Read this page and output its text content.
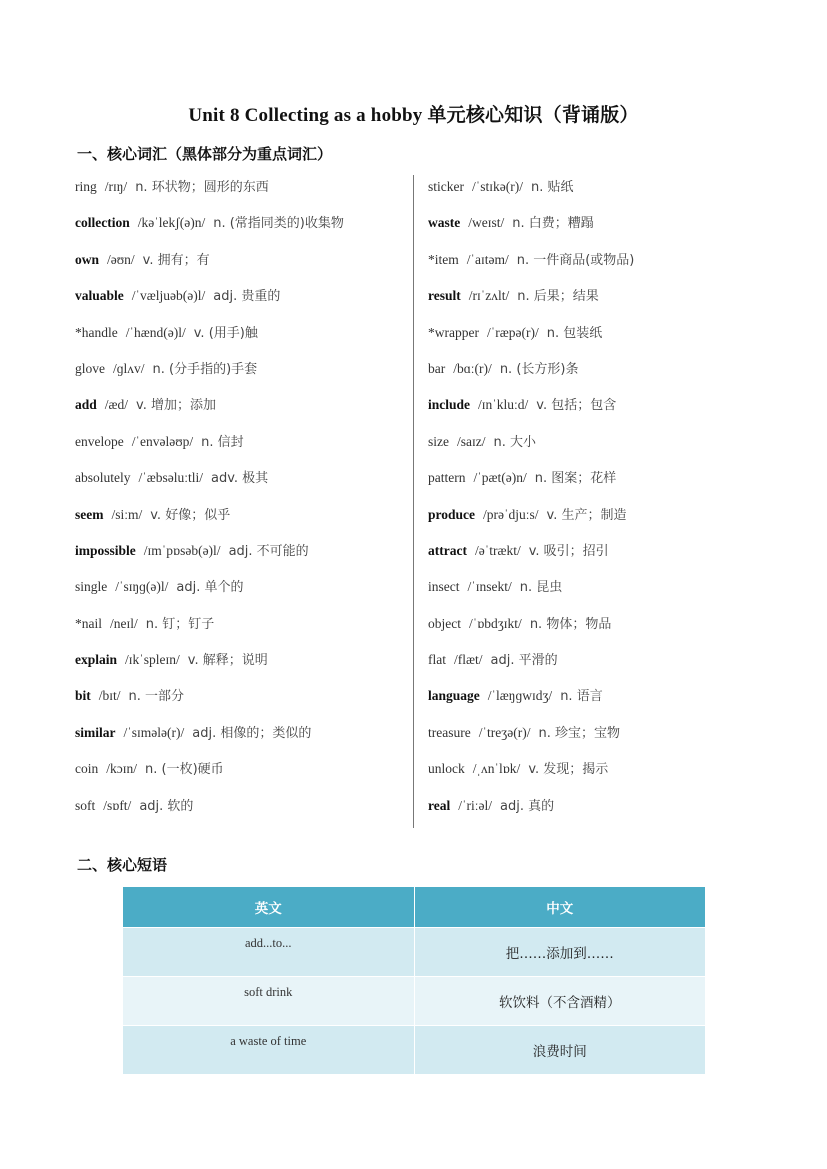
Unit 8 Collecting as a hobby 单元核心知识（背诵版）
一、核心词汇（黑体部分为重点词汇）
ring /rɪŋ/ n. 环状物；圆形的东西
collection /kəˈlekʃ(ə)n/ n. (常指同类的)收集物
own /əʊn/ v. 拥有；有
valuable /ˈvæljuəb(ə)l/ adj. 贵重的
*handle /ˈhænd(ə)l/ v. (用手)触
glove /ɡlʌv/ n. (分手指的)手套
add /æd/ v. 增加；添加
envelope /ˈenvələʊp/ n. 信封
absolutely /ˈæbsəluːtli/ adv. 极其
seem /siːm/ v. 好像；似乎
impossible /ɪmˈpɒsəb(ə)l/ adj. 不可能的
single /ˈsɪŋɡ(ə)l/ adj. 单个的
*nail /neɪl/ n. 钉；钉子
explain /ɪkˈspleɪn/ v. 解释；说明
bit /bɪt/ n. 一部分
similar /ˈsɪmələ(r)/ adj. 相像的；类似的
coin /kɔɪn/ n. (一枚)硬币
soft /sɒft/ adj. 软的
sticker /ˈstɪkə(r)/ n. 贴纸
waste /weɪst/ n. 白费；糟蹋
*item /ˈaɪtəm/ n. 一件商品(或物品)
result /rɪˈzʌlt/ n. 后果；结果
*wrapper /ˈræpə(r)/ n. 包装纸
bar /bɑː(r)/ n. (长方形)条
include /ɪnˈkluːd/ v. 包括；包含
size /saɪz/ n. 大小
pattern /ˈpæt(ə)n/ n. 图案；花样
produce /prəˈdjuːs/ v. 生产；制造
attract /əˈtrækt/ v. 吸引；招引
insect /ˈɪnsekt/ n. 昆虫
object /ˈɒbdʒɪkt/ n. 物体；物品
flat /flæt/ adj. 平滑的
language /ˈlæŋɡwɪdʒ/ n. 语言
treasure /ˈtreʒə(r)/ n. 珍宝；宝物
unlock /ˌʌnˈlɒk/ v. 发现；揭示
real /ˈriːəl/ adj. 真的
二、核心短语
英文	中文
add...to...	把……添加到……
soft drink	软饮料（不含酒精）
a waste of time	浪费时间
